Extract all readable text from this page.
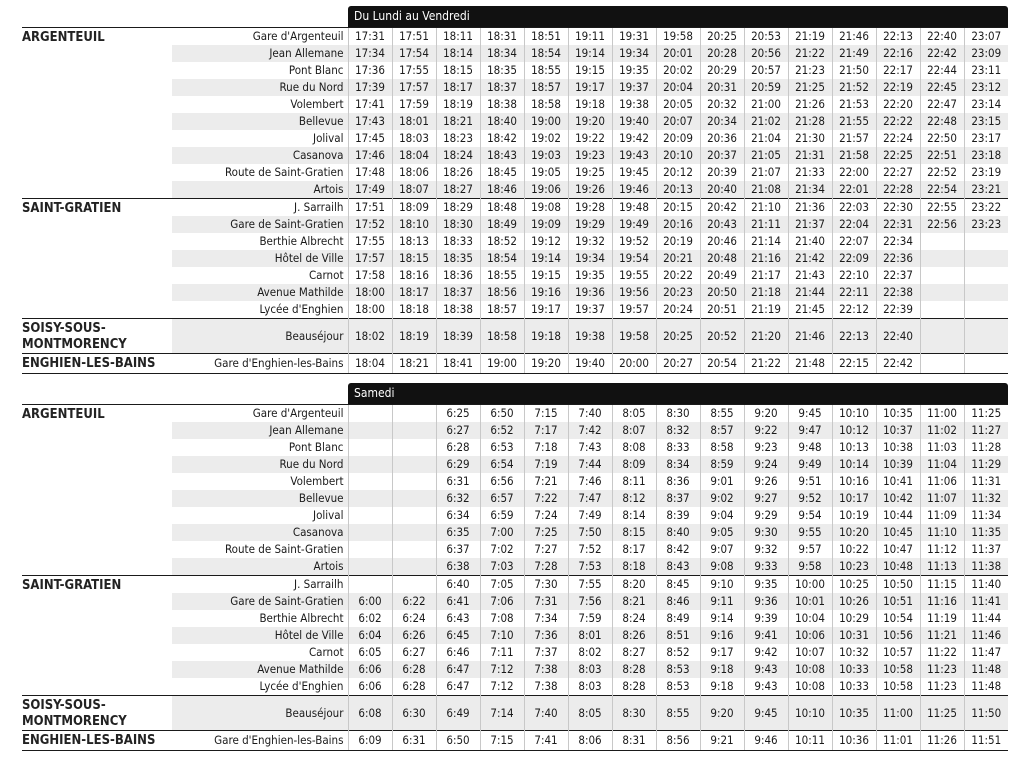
Du Lundi au Vendredi
ARGENTEUIL	Gare d'Argenteuil	17:31	17:51	18:11	18:31	18:51	19:11	19:31	19:58	20:25	20:53	21:19	21:46	22:13	22:40	23:07
	Jean Allemane	17:34	17:54	18:14	18:34	18:54	19:14	19:34	20:01	20:28	20:56	21:22	21:49	22:16	22:42	23:09
	Pont Blanc	17:36	17:55	18:15	18:35	18:55	19:15	19:35	20:02	20:29	20:57	21:23	21:50	22:17	22:44	23:11
	Rue du Nord	17:39	17:57	18:17	18:37	18:57	19:17	19:37	20:04	20:31	20:59	21:25	21:52	22:19	22:45	23:12
	Volembert	17:41	17:59	18:19	18:38	18:58	19:18	19:38	20:05	20:32	21:00	21:26	21:53	22:20	22:47	23:14
	Bellevue	17:43	18:01	18:21	18:40	19:00	19:20	19:40	20:07	20:34	21:02	21:28	21:55	22:22	22:48	23:15
	Jolival	17:45	18:03	18:23	18:42	19:02	19:22	19:42	20:09	20:36	21:04	21:30	21:57	22:24	22:50	23:17
	Casanova	17:46	18:04	18:24	18:43	19:03	19:23	19:43	20:10	20:37	21:05	21:31	21:58	22:25	22:51	23:18
	Route de Saint-Gratien	17:48	18:06	18:26	18:45	19:05	19:25	19:45	20:12	20:39	21:07	21:33	22:00	22:27	22:52	23:19
	Artois	17:49	18:07	18:27	18:46	19:06	19:26	19:46	20:13	20:40	21:08	21:34	22:01	22:28	22:54	23:21
SAINT-GRATIEN	J. Sarrailh	17:51	18:09	18:29	18:48	19:08	19:28	19:48	20:15	20:42	21:10	21:36	22:03	22:30	22:55	23:22
	Gare de Saint-Gratien	17:52	18:10	18:30	18:49	19:09	19:29	19:49	20:16	20:43	21:11	21:37	22:04	22:31	22:56	23:23
	Berthie Albrecht	17:55	18:13	18:33	18:52	19:12	19:32	19:52	20:19	20:46	21:14	21:40	22:07	22:34		
	Hôtel de Ville	17:57	18:15	18:35	18:54	19:14	19:34	19:54	20:21	20:48	21:16	21:42	22:09	22:36		
	Carnot	17:58	18:16	18:36	18:55	19:15	19:35	19:55	20:22	20:49	21:17	21:43	22:10	22:37		
	Avenue Mathilde	18:00	18:17	18:37	18:56	19:16	19:36	19:56	20:23	20:50	21:18	21:44	22:11	22:38		
	Lycée d'Enghien	18:00	18:18	18:38	18:57	19:17	19:37	19:57	20:24	20:51	21:19	21:45	22:12	22:39		
SOISY-SOUS-MONTMORENCY	Beauséjour	18:02	18:19	18:39	18:58	19:18	19:38	19:58	20:25	20:52	21:20	21:46	22:13	22:40		
ENGHIEN-LES-BAINS	Gare d'Enghien-les-Bains	18:04	18:21	18:41	19:00	19:20	19:40	20:00	20:27	20:54	21:22	21:48	22:15	22:42		
Samedi
ARGENTEUIL	Gare d'Argenteuil			6:25	6:50	7:15	7:40	8:05	8:30	8:55	9:20	9:45	10:10	10:35	11:00	11:25
	Jean Allemane			6:27	6:52	7:17	7:42	8:07	8:32	8:57	9:22	9:47	10:12	10:37	11:02	11:27
	Pont Blanc			6:28	6:53	7:18	7:43	8:08	8:33	8:58	9:23	9:48	10:13	10:38	11:03	11:28
	Rue du Nord			6:29	6:54	7:19	7:44	8:09	8:34	8:59	9:24	9:49	10:14	10:39	11:04	11:29
	Volembert			6:31	6:56	7:21	7:46	8:11	8:36	9:01	9:26	9:51	10:16	10:41	11:06	11:31
	Bellevue			6:32	6:57	7:22	7:47	8:12	8:37	9:02	9:27	9:52	10:17	10:42	11:07	11:32
	Jolival			6:34	6:59	7:24	7:49	8:14	8:39	9:04	9:29	9:54	10:19	10:44	11:09	11:34
	Casanova			6:35	7:00	7:25	7:50	8:15	8:40	9:05	9:30	9:55	10:20	10:45	11:10	11:35
	Route de Saint-Gratien			6:37	7:02	7:27	7:52	8:17	8:42	9:07	9:32	9:57	10:22	10:47	11:12	11:37
	Artois			6:38	7:03	7:28	7:53	8:18	8:43	9:08	9:33	9:58	10:23	10:48	11:13	11:38
SAINT-GRATIEN	J. Sarrailh			6:40	7:05	7:30	7:55	8:20	8:45	9:10	9:35	10:00	10:25	10:50	11:15	11:40
	Gare de Saint-Gratien	6:00	6:22	6:41	7:06	7:31	7:56	8:21	8:46	9:11	9:36	10:01	10:26	10:51	11:16	11:41
	Berthie Albrecht	6:02	6:24	6:43	7:08	7:34	7:59	8:24	8:49	9:14	9:39	10:04	10:29	10:54	11:19	11:44
	Hôtel de Ville	6:04	6:26	6:45	7:10	7:36	8:01	8:26	8:51	9:16	9:41	10:06	10:31	10:56	11:21	11:46
	Carnot	6:05	6:27	6:46	7:11	7:37	8:02	8:27	8:52	9:17	9:42	10:07	10:32	10:57	11:22	11:47
	Avenue Mathilde	6:06	6:28	6:47	7:12	7:38	8:03	8:28	8:53	9:18	9:43	10:08	10:33	10:58	11:23	11:48
	Lycée d'Enghien	6:06	6:28	6:47	7:12	7:38	8:03	8:28	8:53	9:18	9:43	10:08	10:33	10:58	11:23	11:48
SOISY-SOUS-MONTMORENCY	Beauséjour	6:08	6:30	6:49	7:14	7:40	8:05	8:30	8:55	9:20	9:45	10:10	10:35	11:00	11:25	11:50
ENGHIEN-LES-BAINS	Gare d'Enghien-les-Bains	6:09	6:31	6:50	7:15	7:41	8:06	8:31	8:56	9:21	9:46	10:11	10:36	11:01	11:26	11:51
